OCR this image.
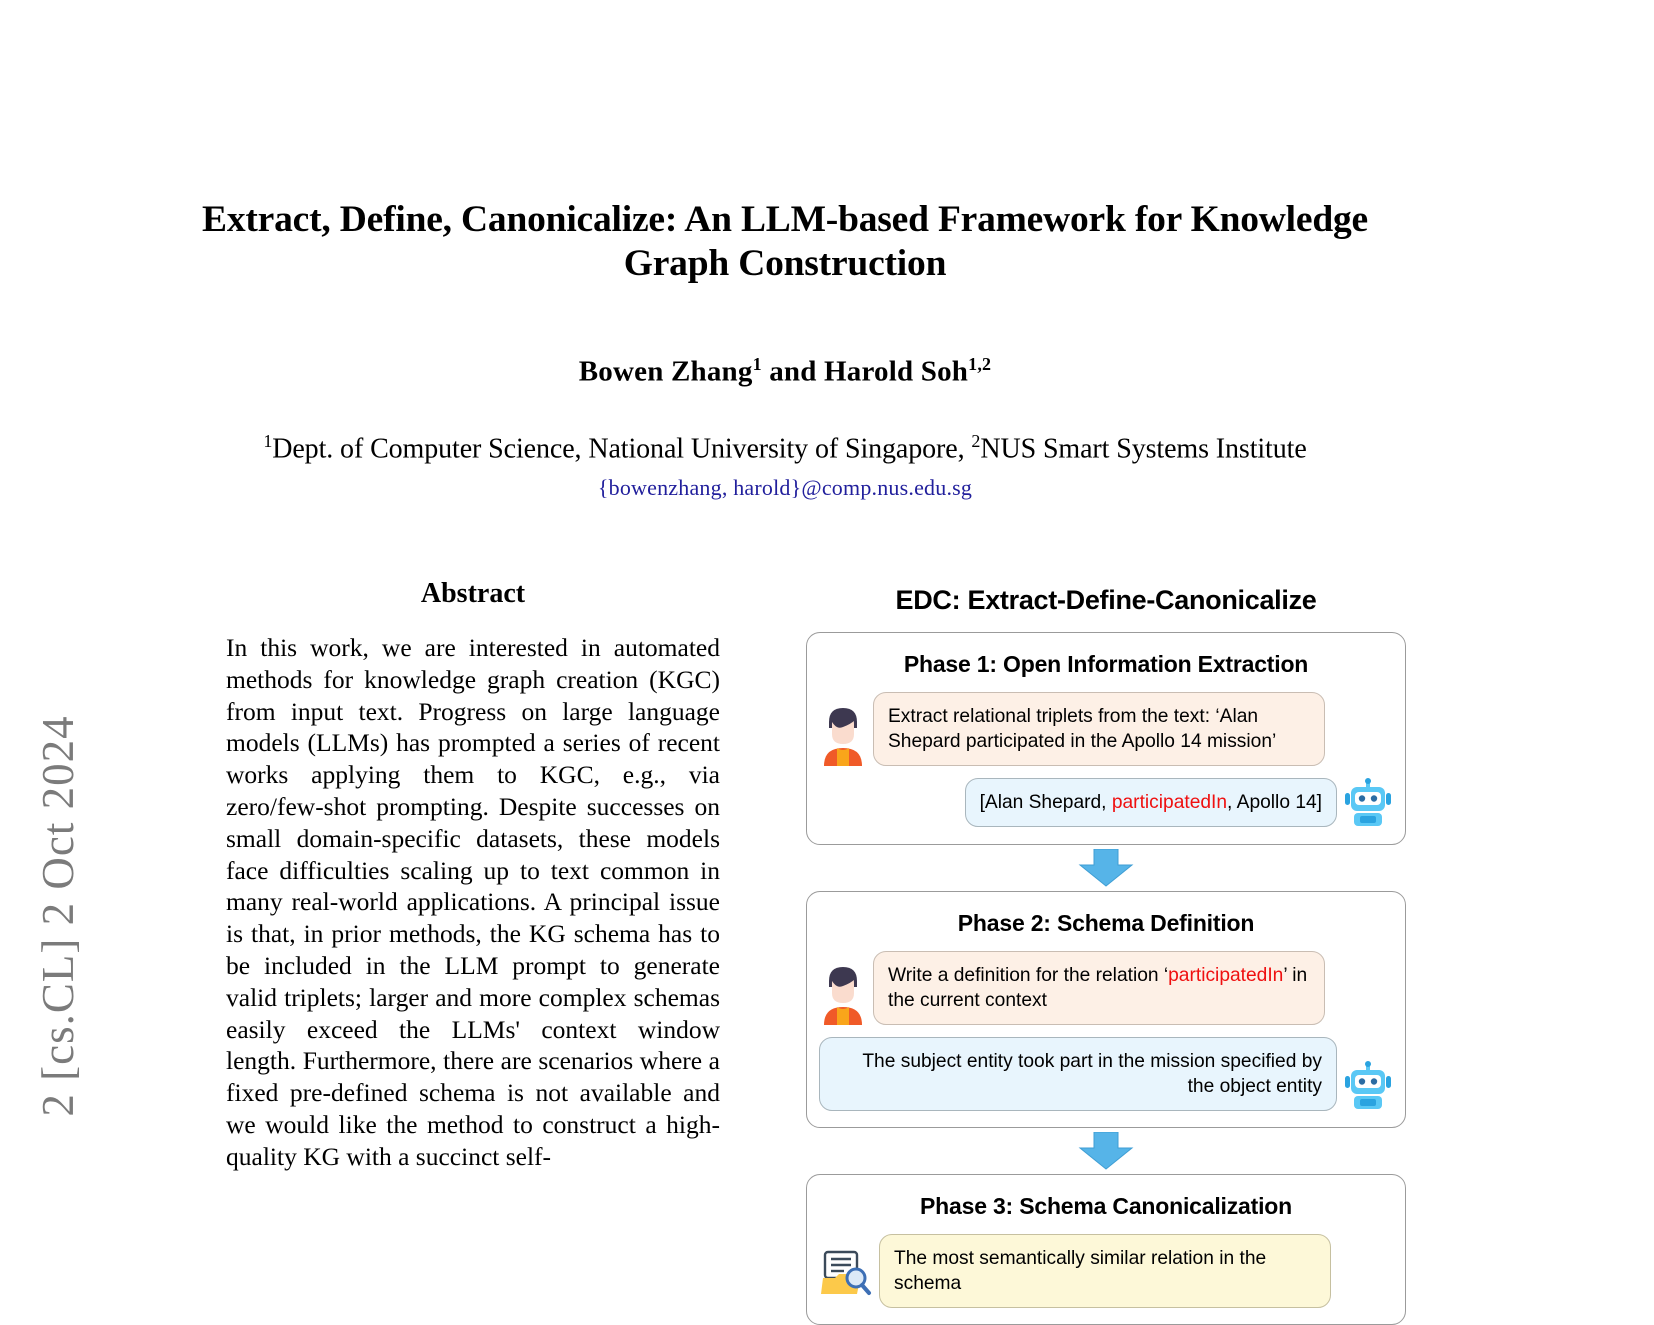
2 [cs.CL] 2 Oct 2024
Extract, Define, Canonicalize: An LLM-based Framework for Knowledge Graph Construction
Bowen Zhang$^1$ and Harold Soh$^{1,2}$
$^1$Dept. of Computer Science, National University of Singapore, $^2$NUS Smart Systems Institute
{bowenzhang, harold}@comp.nus.edu.sg
Abstract

In this work, we are interested in automated methods for knowledge graph creation (KGC) from input text. Progress on large language models (LLMs) has prompted a series of recent works applying them to KGC, e.g., via zero/few-shot prompting. Despite successes on small domain-specific datasets, these models face difficulties scaling up to text common in many real-world applications. A principal issue is that, in prior methods, the KG schema has to be included in the LLM prompt to generate valid triplets; larger and more complex schemas easily exceed the LLMs' context window length. Furthermore, there are scenarios where a fixed pre-defined schema is not available and we would like the method to construct a high-quality KG with a succinct self-

EDC: Extract-Define-Canonicalize
Phase 1: Open Information Extraction
Extract relational triplets from the text: ‘Alan Shepard participated in the Apollo 14 mission’
[Alan Shepard, participatedIn, Apollo 14]
Phase 2: Schema Definition
Write a definition for the relation ‘participatedIn’ in the current context
The subject entity took part in the mission specified by the object entity
Phase 3: Schema Canonicalization
The most semantically similar relation in the schema
